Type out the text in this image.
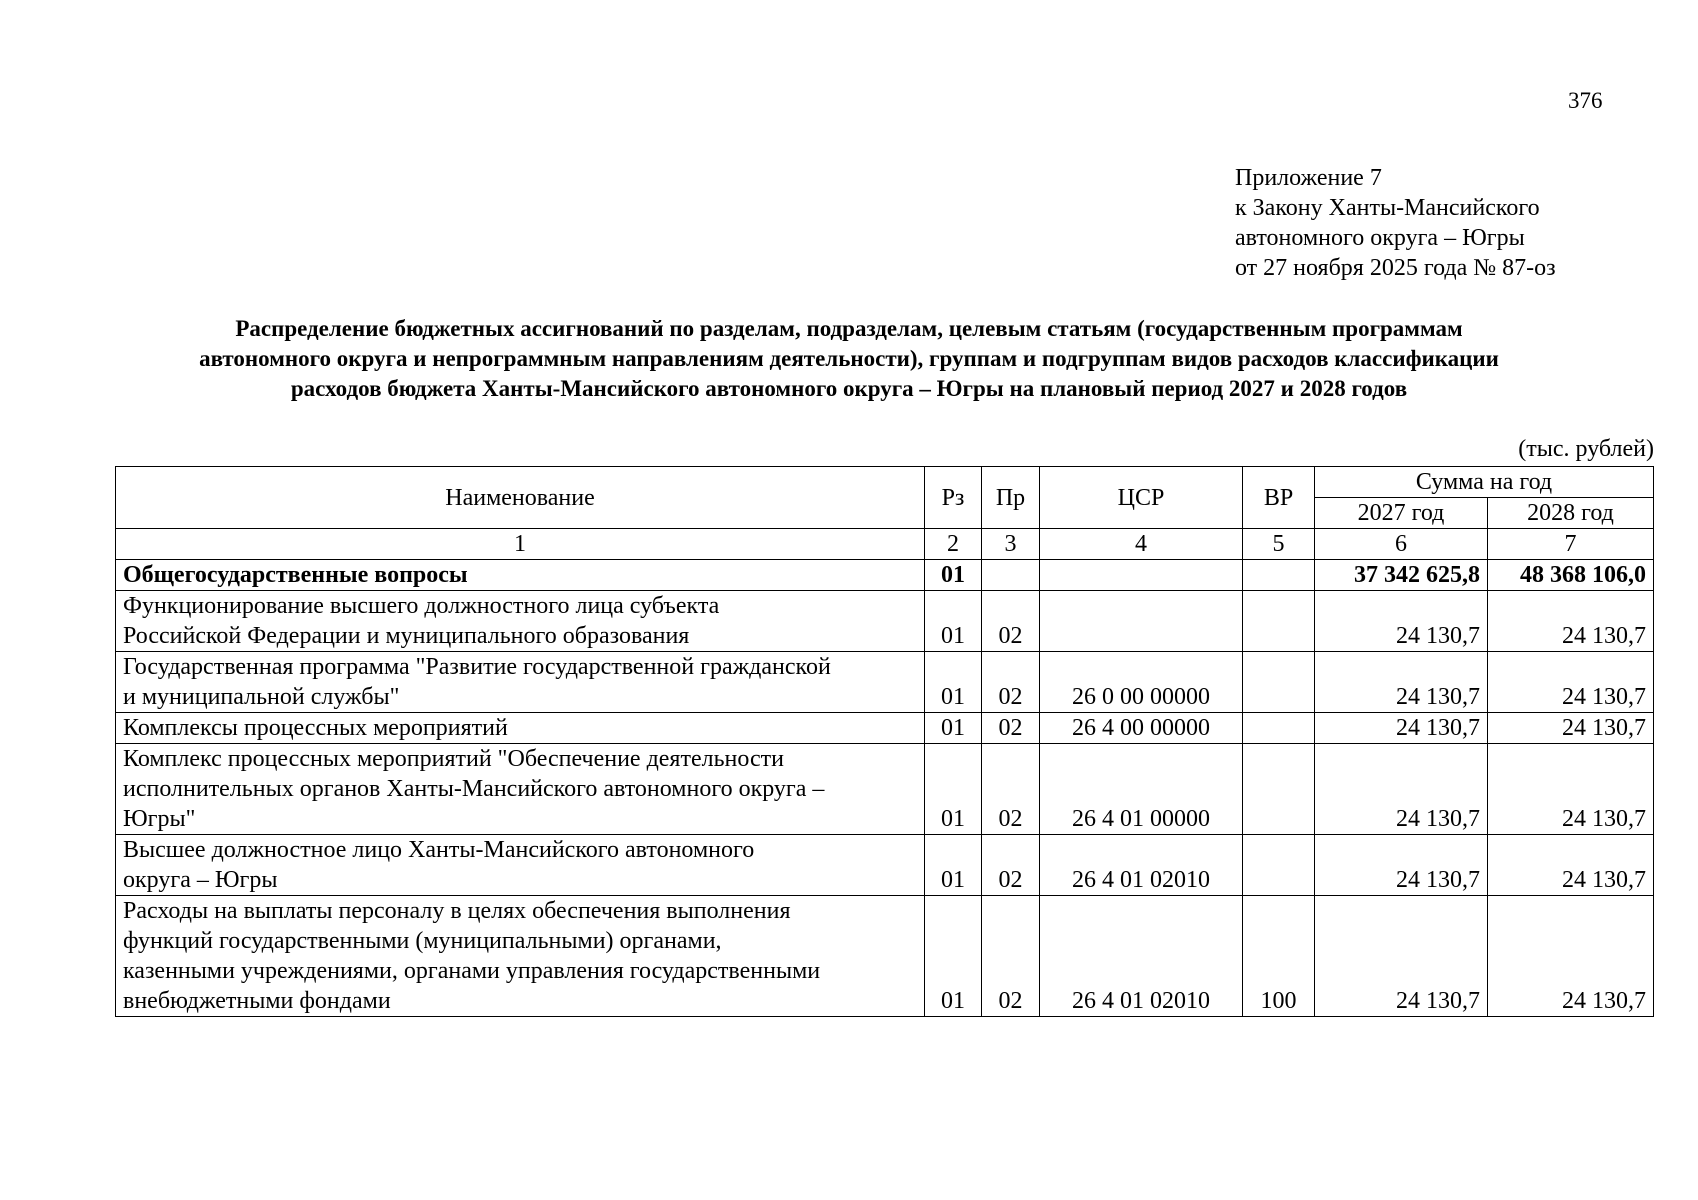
376
Приложение 7
к Закону Ханты-Мансийского
автономного округа – Югры
от 27 ноября 2025 года № 87-оз
Распределение бюджетных ассигнований по разделам, подразделам, целевым статьям (государственным программам
автономного округа и непрограммным направлениям деятельности), группам и подгруппам видов расходов классификации
расходов бюджета Ханты-Мансийского автономного округа – Югры на плановый период 2027 и 2028 годов
(тыс. рублей)
Наименование	Рз	Пр	ЦСР	ВР	Сумма на год	
					2027 год	2028 год
1	2	3	4	5	6	7

Общегосударственные вопросы	01				37 342 625,8	48 368 106,0

Функционирование высшего должностного лица субъекта
Российской Федерации и муниципального образования	01	02			24 130,7	24 130,7

Государственная программа "Развитие государственной гражданской
и муниципальной службы"	01	02	26 0 00 00000		24 130,7	24 130,7

Комплексы процессных мероприятий	01	02	26 4 00 00000		24 130,7	24 130,7

Комплекс процессных мероприятий "Обеспечение деятельности
исполнительных органов Ханты-Мансийского автономного округа –
Югры"	01	02	26 4 01 00000		24 130,7	24 130,7

Высшее должностное лицо Ханты-Мансийского автономного
округа – Югры	01	02	26 4 01 02010		24 130,7	24 130,7

Расходы на выплаты персоналу в целях обеспечения выполнения
функций государственными (муниципальными) органами,
казенными учреждениями, органами управления государственными
внебюджетными фондами	01	02	26 4 01 02010	100	24 130,7	24 130,7
